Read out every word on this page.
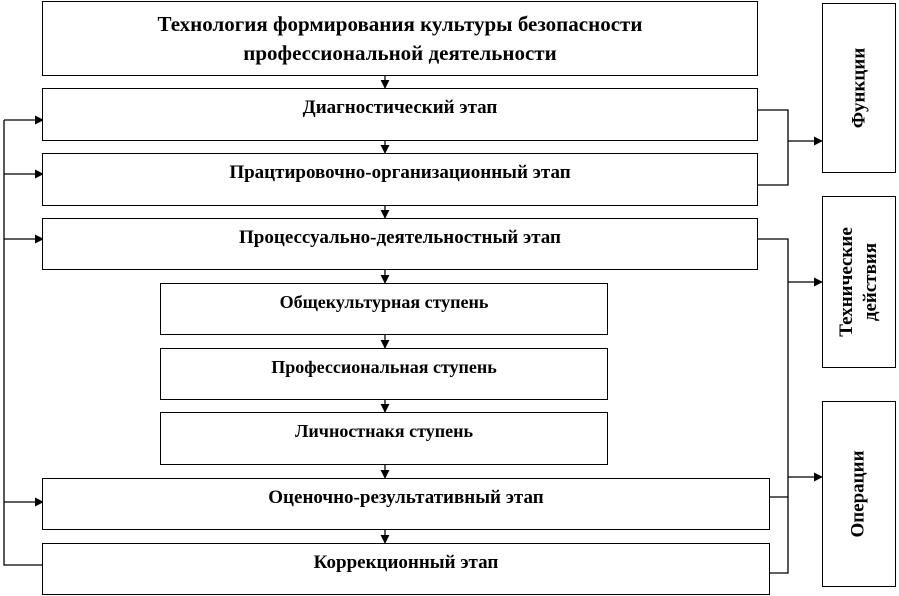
Технология формирования культуры безопасности
профессиональной деятельности
Диагностический этап
Працтировочно-организационный этап
Процессуально-деятельностный этап
Общекультурная ступень
Профессиональная ступень
Личностнакя ступень
Оценочно-результативный этап
Коррекционный этап
Функции
Технические действия
Операции
